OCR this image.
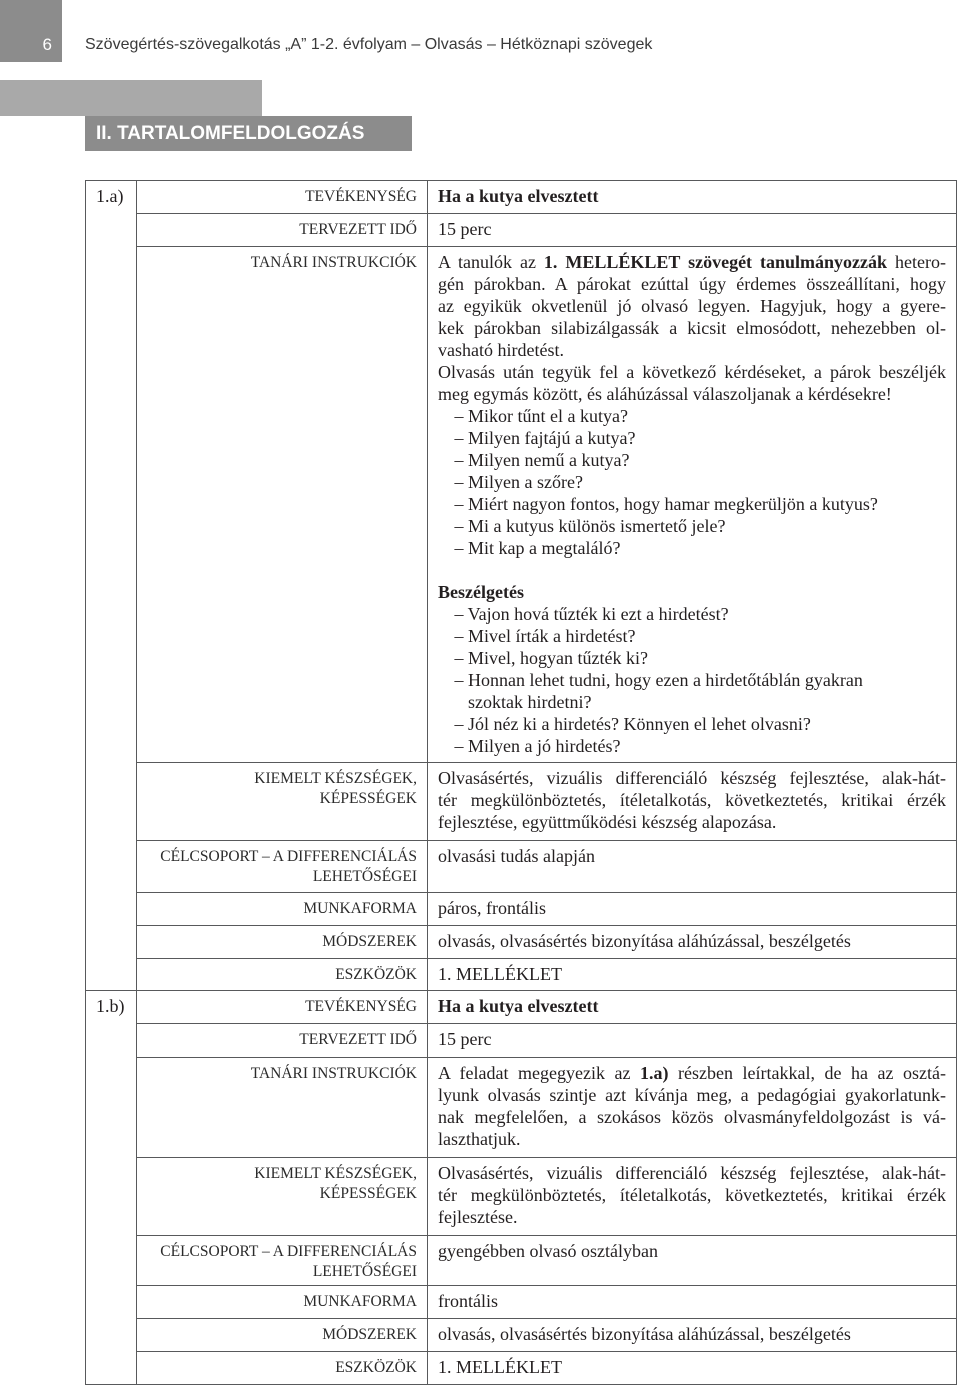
6 Szövegértés-szövegalkotás „A” 1-2. évfolyam – Olvasás – Hétköznapi szövegek
II. TARTALOMFELDOLGOZÁS
1.a)	TEVÉKENYSÉG Ha a kutya elvesztett
TERVEZETT IDŐ 15 perc
TANÁRI INSTRUKCIÓK A tanulók az 1. MELLÉKLET szövegét tanulmányozzák hetero-
gén párokban. A párokat ezúttal úgy érdemes összeállítani, hogy
az egyikük okvetlenül jó olvasó legyen. Hagyjuk, hogy a gyere-
kek párokban silabizálgassák a kicsit elmosódott, nehezebben ol-
vasható hirdetést.
Olvasás után tegyük fel a következő kérdéseket, a párok beszéljék
meg egymás között, és aláhúzással válaszoljanak a kérdésekre!
– Mikor tűnt el a kutya?
– Milyen fajtájú a kutya?
– Milyen nemű a kutya?
– Milyen a szőre?
– Miért nagyon fontos, hogy hamar megkerüljön a kutyus?
– Mi a kutyus különös ismertető jele?
– Mit kap a megtaláló?
Beszélgetés
– Vajon hová tűzték ki ezt a hirdetést?
– Mivel írták a hirdetést?
– Mivel, hogyan tűzték ki?
– Honnan lehet tudni, hogy ezen a hirdetőtáblán gyakran
szoktak hirdetni?
– Jól néz ki a hirdetés? Könnyen el lehet olvasni?
– Milyen a jó hirdetés?
KIEMELT KÉSZSÉGEK,
KÉPESSÉGEK
Olvasásértés, vizuális differenciáló készség fejlesztése, alak-hát-
tér megkülönböztetés, ítéletalkotás, következtetés, kritikai érzék
fejlesztése, együttműködési készség alapozása.
CÉLCSOPORT – A DIFFERENCIÁLÁS
LEHETŐSÉGEI
olvasási tudás alapján
MUNKAFORMA páros, frontális
MÓDSZEREK olvasás, olvasásértés bizonyítása aláhúzással, beszélgetés
ESZKÖZÖK 1. MELLÉKLET
1.b)	TEVÉKENYSÉG Ha a kutya elvesztett
TERVEZETT IDŐ 15 perc
TANÁRI INSTRUKCIÓK A feladat megegyezik az 1.a) részben leírtakkal, de ha az osztá-
lyunk olvasás szintje azt kívánja meg, a pedagógiai gyakorlatunk-
nak megfelelően, a szokásos közös olvasmányfeldolgozást is vá-
laszthatjuk.
KIEMELT KÉSZSÉGEK,
KÉPESSÉGEK
Olvasásértés, vizuális differenciáló készség fejlesztése, alak-hát-
tér megkülönböztetés, ítéletalkotás, következtetés, kritikai érzék
fejlesztése.
CÉLCSOPORT – A DIFFERENCIÁLÁS
LEHETŐSÉGEI
gyengébben olvasó osztályban
MUNKAFORMA frontális
MÓDSZEREK olvasás, olvasásértés bizonyítása aláhúzással, beszélgetés
ESZKÖZÖK 1. MELLÉKLET
